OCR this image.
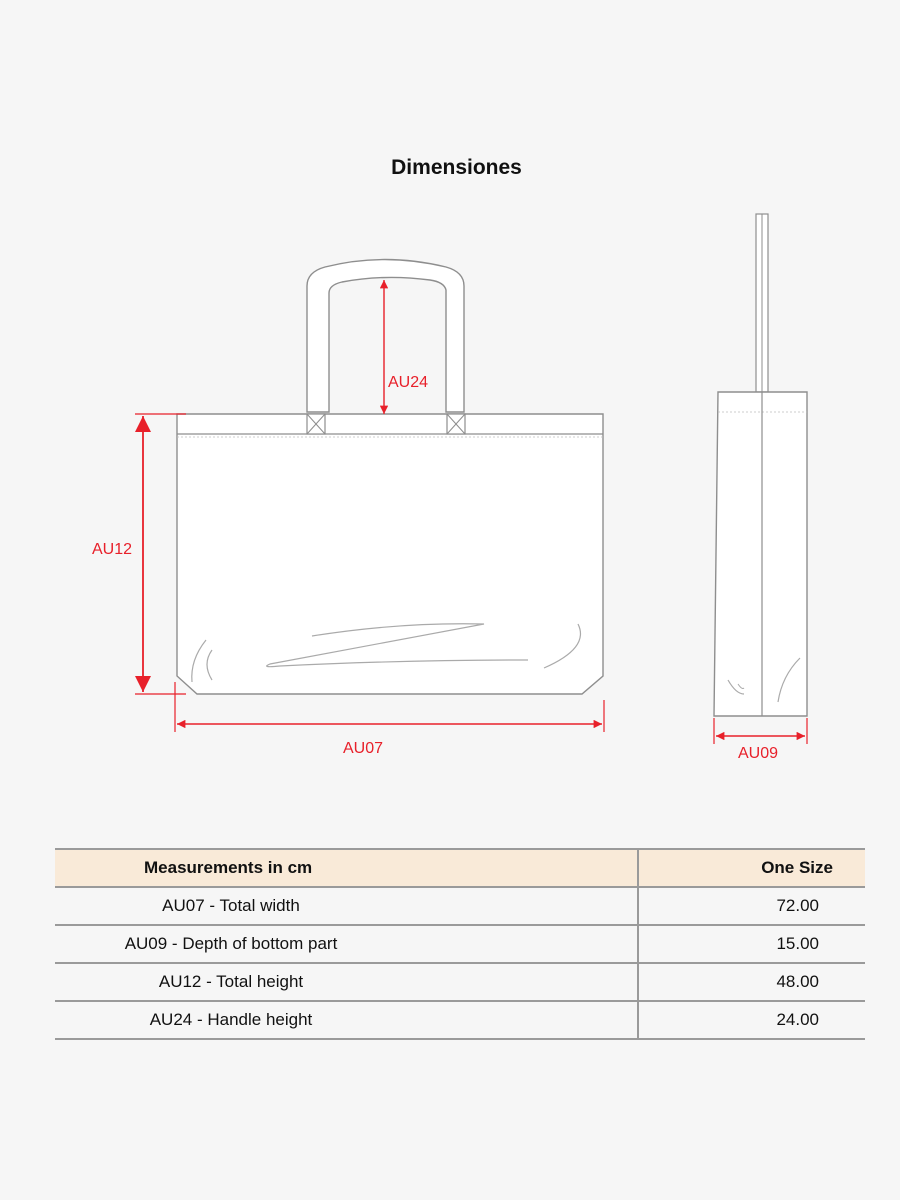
Dimensiones
AU24
AU12
AU07	AU09
Measurements in cm	One Size
AU07 - Total width	72.00
AU09 - Depth of bottom part	15.00
AU12 - Total height	48.00
AU24 - Handle height	24.00
